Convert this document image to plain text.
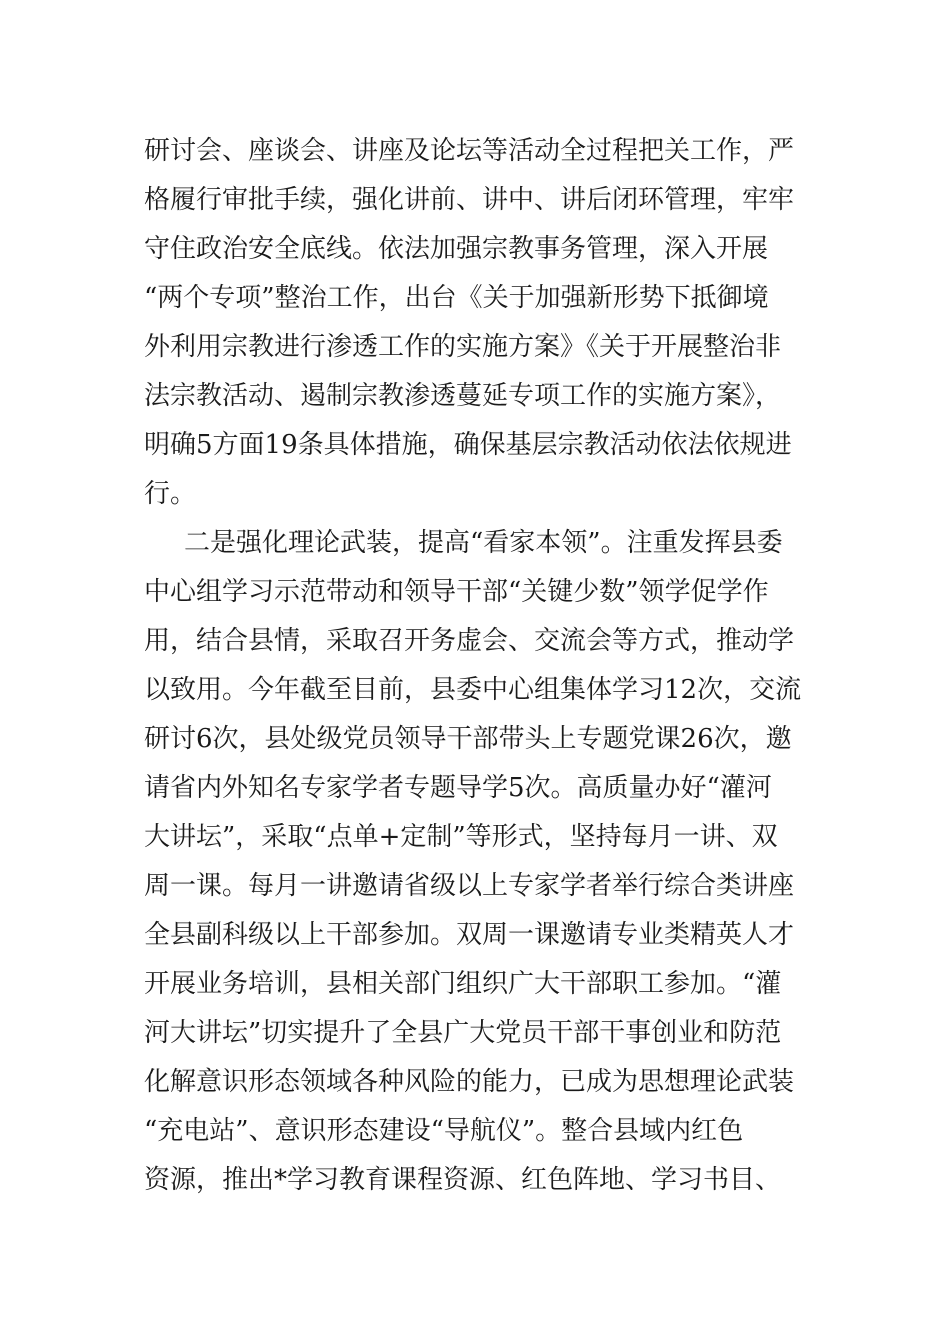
研讨会、座谈会、讲座及论坛等活动全过程把关工作，严
格履行审批手续，强化讲前、讲中、讲后闭环管理，牢牢
守住政治安全底线。依法加强宗教事务管理，深入开展
“两个专项”整治工作，出台《关于加强新形势下抵御境
外利用宗教进行渗透工作的实施方案》《关于开展整治非
法宗教活动、遏制宗教渗透蔓延专项工作的实施方案》，
明确5方面19条具体措施，确保基层宗教活动依法依规进
行。
二是强化理论武装，提高“看家本领”。注重发挥县委
中心组学习示范带动和领导干部“关键少数”领学促学作
用，结合县情，采取召开务虚会、交流会等方式，推动学
以致用。今年截至目前，县委中心组集体学习12次，交流
研讨6次，县处级党员领导干部带头上专题党课26次，邀
请省内外知名专家学者专题导学5次。高质量办好“灌河
大讲坛”，采取“点单+定制”等形式，坚持每月一讲、双
周一课。每月一讲邀请省级以上专家学者举行综合类讲座
全县副科级以上干部参加。双周一课邀请专业类精英人才
开展业务培训，县相关部门组织广大干部职工参加。“灌
河大讲坛”切实提升了全县广大党员干部干事创业和防范
化解意识形态领域各种风险的能力，已成为思想理论武装
“充电站”、意识形态建设“导航仪”。整合县域内红色
资源，推出*学习教育课程资源、红色阵地、学习书目、
